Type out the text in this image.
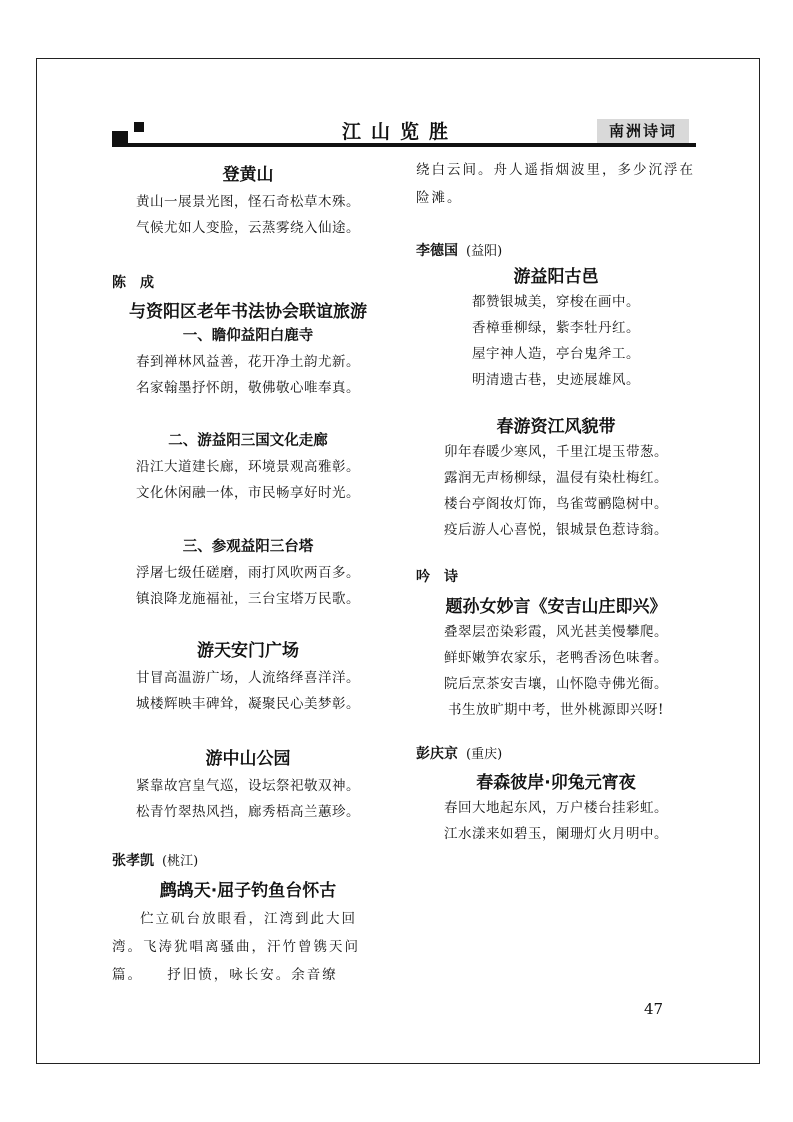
江山览胜	南洲诗词
登黄山
黄山一展景光图，怪石奇松草木殊。
气候尤如人变脸，云蒸雾绕入仙途。
陈　成
与资阳区老年书法协会联谊旅游
一、瞻仰益阳白鹿寺
春到禅林风益善，花开净土韵尤新。
名家翰墨抒怀朗，敬佛敬心唯奉真。
二、游益阳三国文化走廊
沿江大道建长廊，环境景观高雅彰。
文化休闲融一体，市民畅享好时光。
三、参观益阳三台塔
浮屠七级任磋磨，雨打风吹两百多。
镇浪降龙施福祉，三台宝塔万民歌。
游天安门广场
甘冒高温游广场，人流络绎喜洋洋。
城楼辉映丰碑耸，凝聚民心美梦彰。
游中山公园
紧靠故宫皇气巡，设坛祭祀敬双神。
松青竹翠热风挡，廊秀梧高兰蕙珍。
张孝凯 (桃江)
鹧鸪天·屈子钓鱼台怀古
伫立矶台放眼看，江湾到此大回湾。飞涛犹唱离骚曲，汗竹曾镌天问篇。　　抒旧愤，咏长安。余音缭
绕白云间。舟人遥指烟波里，多少沉浮在险滩。
李德国 (益阳)
游益阳古邑
都赞银城美，穿梭在画中。
香樟垂柳绿，紫李牡丹红。
屋宇神人造，亭台鬼斧工。
明清遗古巷，史迹展雄风。
春游资江风貌带
卯年春暖少寒风，千里江堤玉带葱。
露润无声杨柳绿，温侵有染杜梅红。
楼台亭阁妆灯饰，鸟雀莺鹂隐树中。
疫后游人心喜悦，银城景色惹诗翁。
吟　诗
题孙女妙言《安吉山庄即兴》
叠翠层峦染彩霞，风光甚美慢攀爬。
鲜虾嫩笋农家乐，老鸭香汤色味奢。
院后烹茶安吉壤，山怀隐寺佛光衙。
书生放旷期中考，世外桃源即兴呀!
彭庆京 (重庆)
春森彼岸·卯兔元宵夜
春回大地起东风，万户楼台挂彩虹。
江水漾来如碧玉，阑珊灯火月明中。
47
